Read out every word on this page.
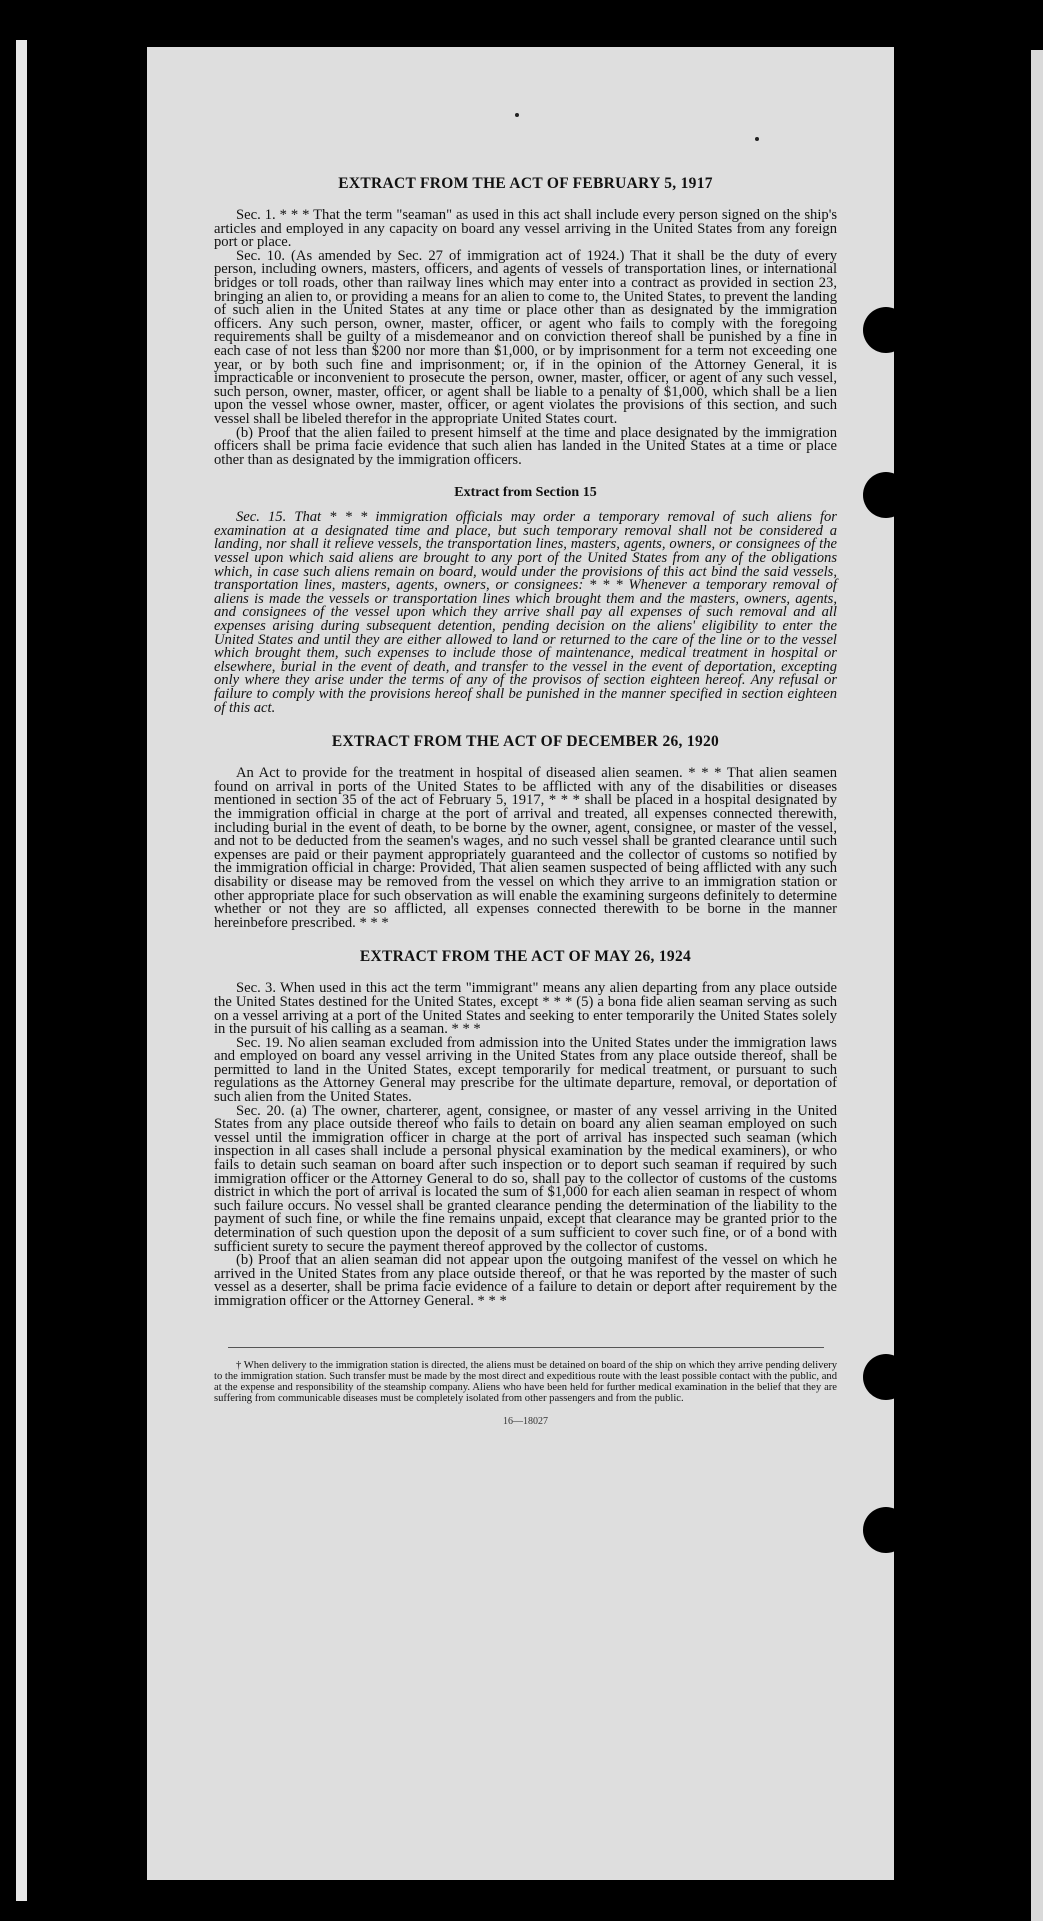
EXTRACT FROM THE ACT OF FEBRUARY 5, 1917

Sec. 1. * * * That the term "seaman" as used in this act shall include every person signed on the ship's articles and employed in any capacity on board any vessel arriving in the United States from any foreign port or place.

Sec. 10. (As amended by Sec. 27 of immigration act of 1924.) That it shall be the duty of every person, including owners, masters, officers, and agents of vessels of transportation lines, or international bridges or toll roads, other than railway lines which may enter into a contract as provided in section 23, bringing an alien to, or providing a means for an alien to come to, the United States, to prevent the landing of such alien in the United States at any time or place other than as designated by the immigration officers. Any such person, owner, master, officer, or agent who fails to comply with the foregoing requirements shall be guilty of a misdemeanor and on conviction thereof shall be punished by a fine in each case of not less than $200 nor more than $1,000, or by imprisonment for a term not exceeding one year, or by both such fine and imprisonment; or, if in the opinion of the Attorney General, it is impracticable or inconvenient to prosecute the person, owner, master, officer, or agent of any such vessel, such person, owner, master, officer, or agent shall be liable to a penalty of $1,000, which shall be a lien upon the vessel whose owner, master, officer, or agent violates the provisions of this section, and such vessel shall be libeled therefor in the appropriate United States court.

(b) Proof that the alien failed to present himself at the time and place designated by the immigration officers shall be prima facie evidence that such alien has landed in the United States at a time or place other than as designated by the immigration officers.

Extract from Section 15

Sec. 15. That * * * immigration officials may order a temporary removal of such aliens for examination at a designated time and place, but such temporary removal shall not be considered a landing, nor shall it relieve vessels, the transportation lines, masters, agents, owners, or consignees of the vessel upon which said aliens are brought to any port of the United States from any of the obligations which, in case such aliens remain on board, would under the provisions of this act bind the said vessels, transportation lines, masters, agents, owners, or consignees: * * * Whenever a temporary removal of aliens is made the vessels or transportation lines which brought them and the masters, owners, agents, and consignees of the vessel upon which they arrive shall pay all expenses of such removal and all expenses arising during subsequent detention, pending decision on the aliens' eligibility to enter the United States and until they are either allowed to land or returned to the care of the line or to the vessel which brought them, such expenses to include those of maintenance, medical treatment in hospital or elsewhere, burial in the event of death, and transfer to the vessel in the event of deportation, excepting only where they arise under the terms of any of the provisos of section eighteen hereof. Any refusal or failure to comply with the provisions hereof shall be punished in the manner specified in section eighteen of this act.

EXTRACT FROM THE ACT OF DECEMBER 26, 1920

An Act to provide for the treatment in hospital of diseased alien seamen. * * * That alien seamen found on arrival in ports of the United States to be afflicted with any of the disabilities or diseases mentioned in section 35 of the act of February 5, 1917, * * * shall be placed in a hospital designated by the immigration official in charge at the port of arrival and treated, all expenses connected therewith, including burial in the event of death, to be borne by the owner, agent, consignee, or master of the vessel, and not to be deducted from the seamen's wages, and no such vessel shall be granted clearance until such expenses are paid or their payment appropriately guaranteed and the collector of customs so notified by the immigration official in charge: Provided, That alien seamen suspected of being afflicted with any such disability or disease may be removed from the vessel on which they arrive to an immigration station or other appropriate place for such observation as will enable the examining surgeons definitely to determine whether or not they are so afflicted, all expenses connected therewith to be borne in the manner hereinbefore prescribed. * * *

EXTRACT FROM THE ACT OF MAY 26, 1924

Sec. 3. When used in this act the term "immigrant" means any alien departing from any place outside the United States destined for the United States, except * * * (5) a bona fide alien seaman serving as such on a vessel arriving at a port of the United States and seeking to enter temporarily the United States solely in the pursuit of his calling as a seaman. * * *

Sec. 19. No alien seaman excluded from admission into the United States under the immigration laws and employed on board any vessel arriving in the United States from any place outside thereof, shall be permitted to land in the United States, except temporarily for medical treatment, or pursuant to such regulations as the Attorney General may prescribe for the ultimate departure, removal, or deportation of such alien from the United States.

Sec. 20. (a) The owner, charterer, agent, consignee, or master of any vessel arriving in the United States from any place outside thereof who fails to detain on board any alien seaman employed on such vessel until the immigration officer in charge at the port of arrival has inspected such seaman (which inspection in all cases shall include a personal physical examination by the medical examiners), or who fails to detain such seaman on board after such inspection or to deport such seaman if required by such immigration officer or the Attorney General to do so, shall pay to the collector of customs of the customs district in which the port of arrival is located the sum of $1,000 for each alien seaman in respect of whom such failure occurs. No vessel shall be granted clearance pending the determination of the liability to the payment of such fine, or while the fine remains unpaid, except that clearance may be granted prior to the determination of such question upon the deposit of a sum sufficient to cover such fine, or of a bond with sufficient surety to secure the payment thereof approved by the collector of customs.

(b) Proof that an alien seaman did not appear upon the outgoing manifest of the vessel on which he arrived in the United States from any place outside thereof, or that he was reported by the master of such vessel as a deserter, shall be prima facie evidence of a failure to detain or deport after requirement by the immigration officer or the Attorney General. * * *

† When delivery to the immigration station is directed, the aliens must be detained on board of the ship on which they arrive pending delivery to the immigration station. Such transfer must be made by the most direct and expeditious route with the least possible contact with the public, and at the expense and responsibility of the steamship company. Aliens who have been held for further medical examination in the belief that they are suffering from communicable diseases must be completely isolated from other passengers and from the public.

16—18027
